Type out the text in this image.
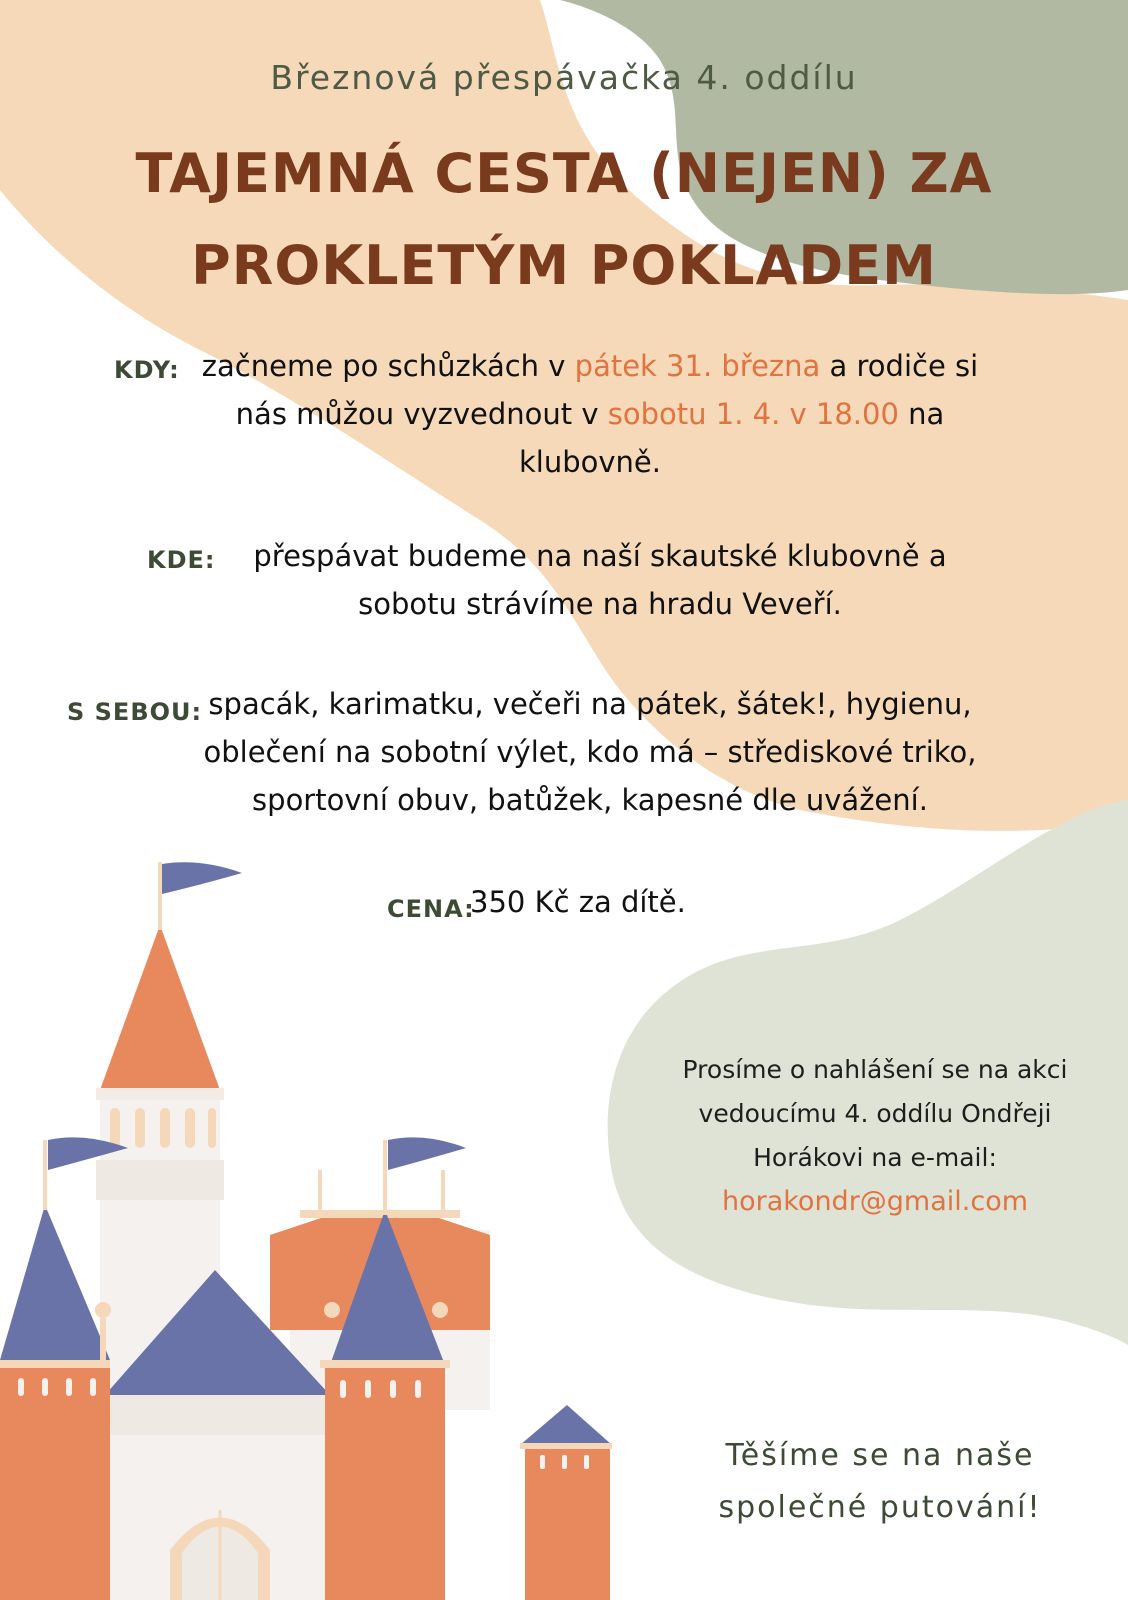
Březnová přespávačka 4. oddílu
TAJEMNÁ CESTA (NEJEN) ZA
PROKLETÝM POKLADEM
KDY: začneme po schůzkách v pátek 31. března a rodiče si
nás můžou vyzvednout v sobotu 1. 4. v 18.00 na
klubovně.
KDE:	přespávat budeme na naší skautské klubovně a
sobotu strávíme na hradu Veveří.
S SEBOU: spacák, karimatku, večeři na pátek, šátek!, hygienu,
oblečení na sobotní výlet, kdo má – střediskové triko,
sportovní obuv, batůžek, kapesné dle uvážení.
CENA:
350 Kč za dítě.
Prosíme o nahlášení se na akci
vedoucímu 4. oddílu Ondřeji
Horákovi na e-mail:
horakondr@gmail.com
Těšíme se na naše
společné putování!
